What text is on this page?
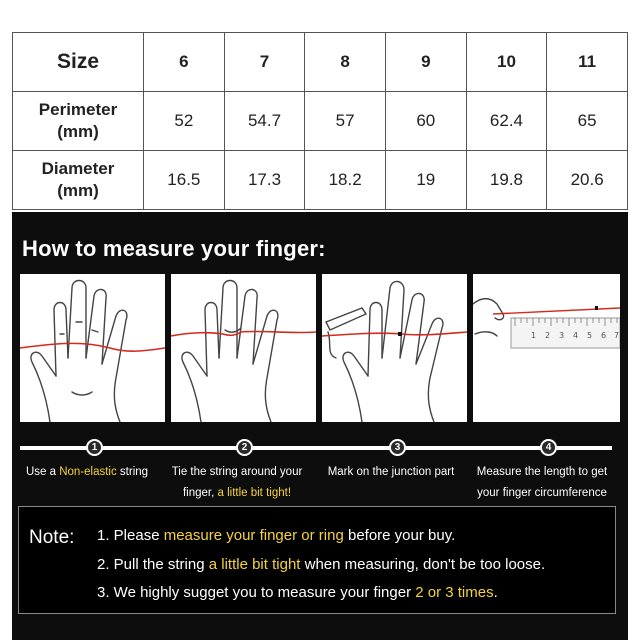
Size	6	7	8	9	10	11
Perimeter
(mm)	52	54.7	57	60	62.4	65
Diameter
(mm)	16.5	17.3	18.2	19	19.8	20.6
How to measure your finger:
1 2 3 4 5 6 7
1	2	3	4
Use a Non-elastic string	Tie the string around your
finger, a little bit tight!
Mark on the junction part	Measure the length to get
your finger circumference
Note: 1. Please measure your finger or ring before your buy.
2. Pull the string a little bit tight when measuring, don't be too loose.
3. We highly sugget you to measure your finger 2 or 3 times.
